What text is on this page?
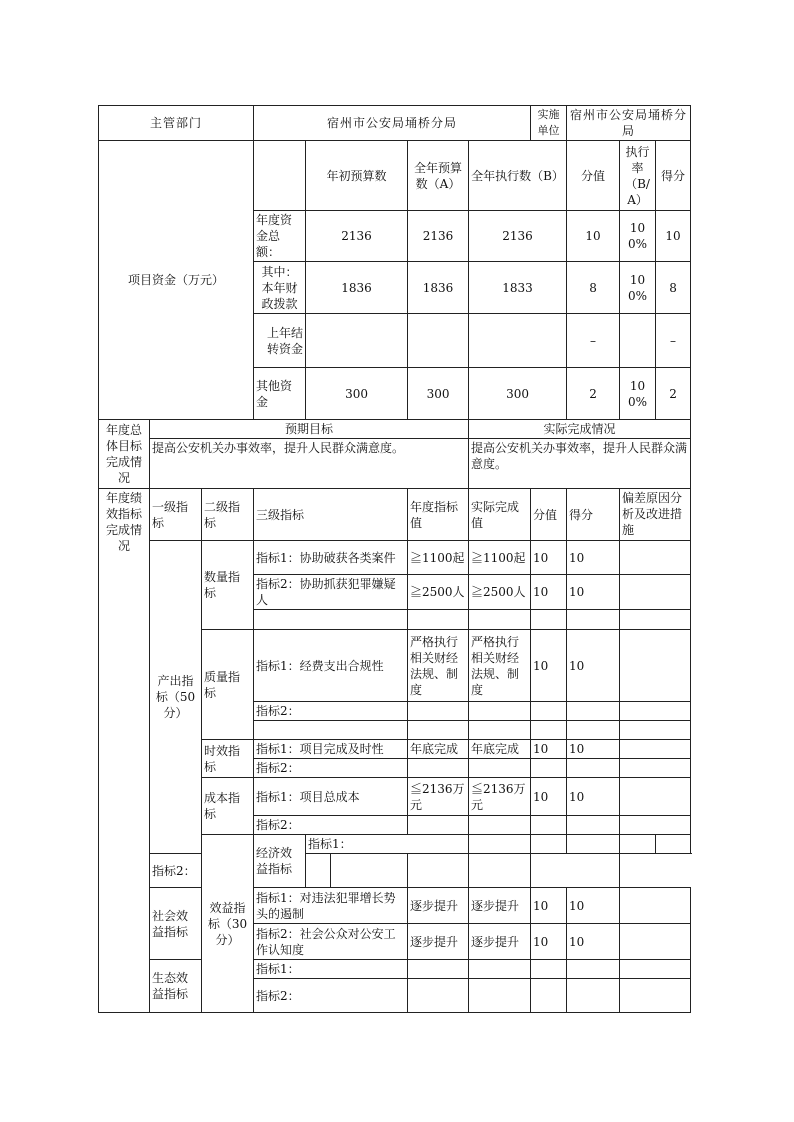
主管部门			宿州市公安局埇桥分局					实施单位	宿州市公安局埇桥分局		
项目资金（万元）				年初预算数		全年预算数（A）	全年执行数（B）		分值	执行率（B/A）	得分
			年度资金总额：	2136		2136	2136		10	100%	10
			其中：本年财政拨款	1836		1836	1833		8	100%	8
			上年结转资金						–		–
			其他资金	300		300	300		2	100%	2
年度总体目标完成情况	预期目标						实际完成情况				
	提高公安机关办事效率，提升人民群众满意度。						提高公安机关办事效率，提升人民群众满意度。				
年度绩效指标完成情况	一级指标	二级指标	三级指标			年度指标值	实际完成值	分值	得分	偏差原因分析及改进措施	
	产出指标（50分）	数量指标	指标1：协助破获各类案件			≧1100起	≧1100起	10	10		
			指标2：协助抓获犯罪嫌疑人			≧2500人	≧2500人	10	10		

		质量指标	指标1：经费支出合规性			严格执行相关财经法规、制度	严格执行相关财经法规、制度	10	10		
			指标2：								

		时效指标	指标1：项目完成及时性			年底完成	年底完成	10	10		
			指标2：								
		成本指标	指标1：项目总成本			≦2136万元	≦2136万元	10	10		
			指标2：								
		效益指标（30分）	经济效益指标	指标1：							
	指标2：										
	社会效益指标		指标1：对违法犯罪增长势头的遏制			逐步提升	逐步提升	10	10		
			指标2：社会公众对公安工作认知度			逐步提升	逐步提升	10	10		
	生态效益指标		指标1：								
			指标2：								
